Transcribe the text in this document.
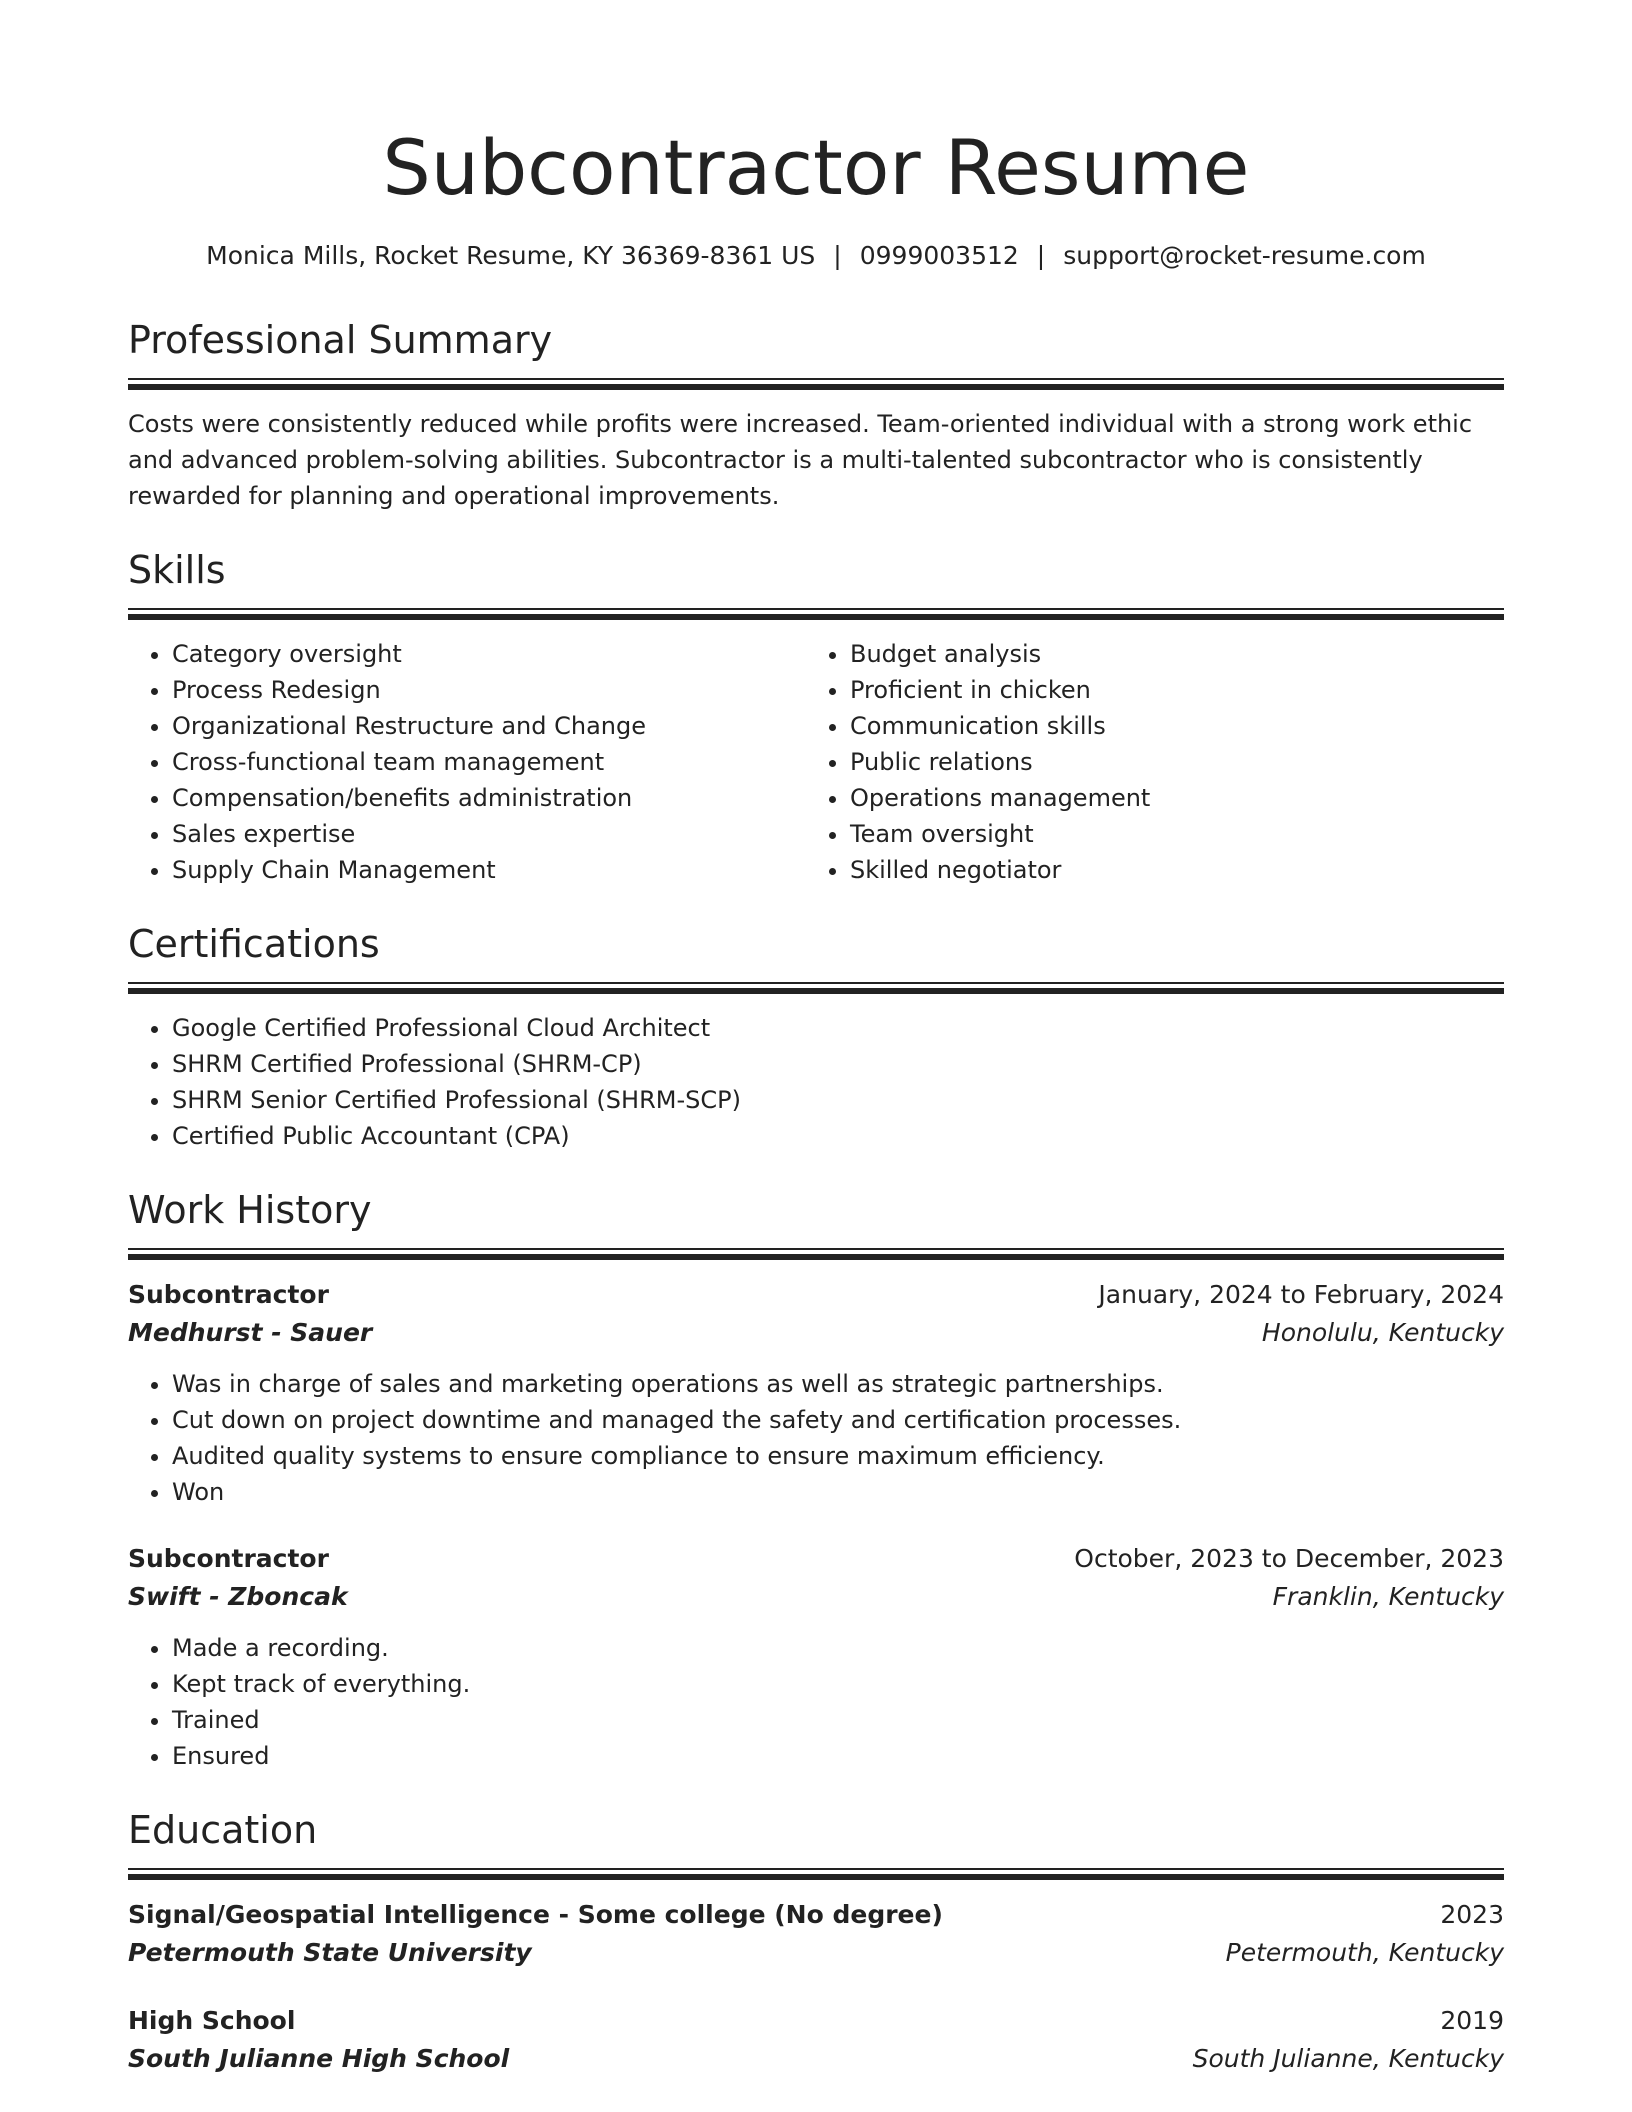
Subcontractor Resume
Monica Mills, Rocket Resume, KY 36369-8361 US | 0999003512 | support@rocket-resume.com
Professional Summary
Costs were consistently reduced while profits were increased. Team-oriented individual with a strong work ethic and advanced problem-solving abilities. Subcontractor is a multi-talented subcontractor who is consistently rewarded for planning and operational improvements.
Skills
• Category oversight
• Process Redesign
• Organizational Restructure and Change
• Cross-functional team management
• Compensation/benefits administration
• Sales expertise
• Supply Chain Management
• Budget analysis
• Proficient in chicken
• Communication skills
• Public relations
• Operations management
• Team oversight
• Skilled negotiator
Certifications
• Google Certified Professional Cloud Architect
• SHRM Certified Professional (SHRM-CP)
• SHRM Senior Certified Professional (SHRM-SCP)
• Certified Public Accountant (CPA)
Work History
Subcontractor	January, 2024 to February, 2024
Medhurst - Sauer	Honolulu, Kentucky
• Was in charge of sales and marketing operations as well as strategic partnerships.
• Cut down on project downtime and managed the safety and certification processes.
• Audited quality systems to ensure compliance to ensure maximum efficiency.
• Won
Subcontractor	October, 2023 to December, 2023
Swift - Zboncak	Franklin, Kentucky
• Made a recording.
• Kept track of everything.
• Trained
• Ensured
Education
Signal/Geospatial Intelligence - Some college (No degree)	2023
Petermouth State University	Petermouth, Kentucky
High School	2019
South Julianne High School	South Julianne, Kentucky
